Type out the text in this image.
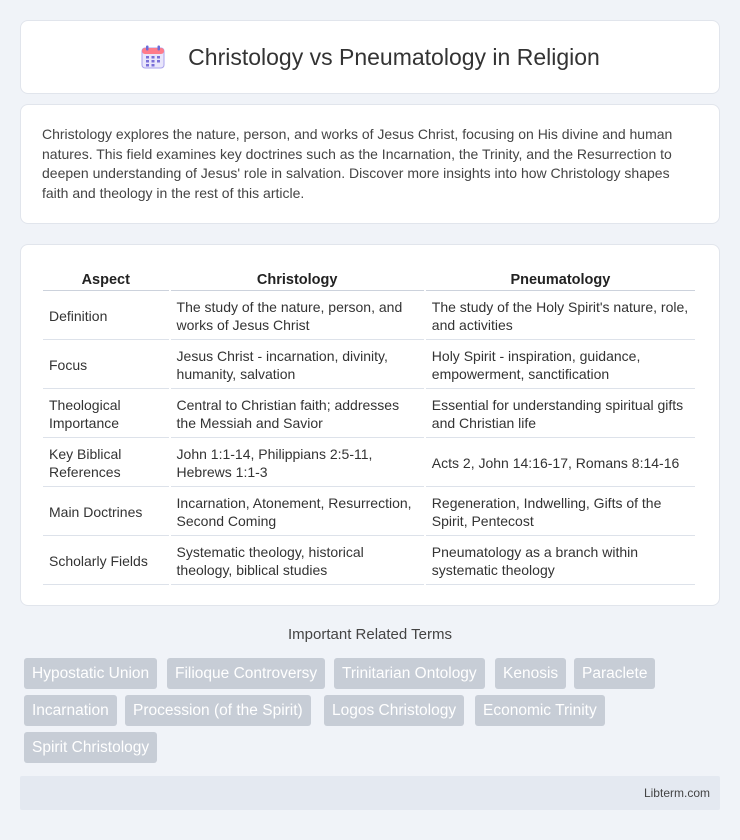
Christology vs Pneumatology in Religion

Christology explores the nature, person, and works of Jesus Christ, focusing on His divine and human natures. This field examines key doctrines such as the Incarnation, the Trinity, and the Resurrection to deepen understanding of Jesus' role in salvation. Discover more insights into how Christology shapes faith and theology in the rest of this article.

Aspect	Christology	Pneumatology
Definition	The study of the nature, person, and works of Jesus Christ	The study of the Holy Spirit's nature, role, and activities
Focus	Jesus Christ - incarnation, divinity, humanity, salvation	Holy Spirit - inspiration, guidance, empowerment, sanctification
Theological Importance	Central to Christian faith; addresses the Messiah and Savior	Essential for understanding spiritual gifts and Christian life
Key Biblical References	John 1:1-14, Philippians 2:5-11, Hebrews 1:1-3	Acts 2, John 14:16-17, Romans 8:14-16
Main Doctrines	Incarnation, Atonement, Resurrection, Second Coming	Regeneration, Indwelling, Gifts of the Spirit, Pentecost
Scholarly Fields	Systematic theology, historical theology, biblical studies	Pneumatology as a branch within systematic theology
Important Related Terms
Hypostatic Union	Filioque Controversy	Trinitarian Ontology	Kenosis	Paraclete
Incarnation	Procession (of the Spirit)	Logos Christology	Economic Trinity
Spirit Christology
Libterm.com
